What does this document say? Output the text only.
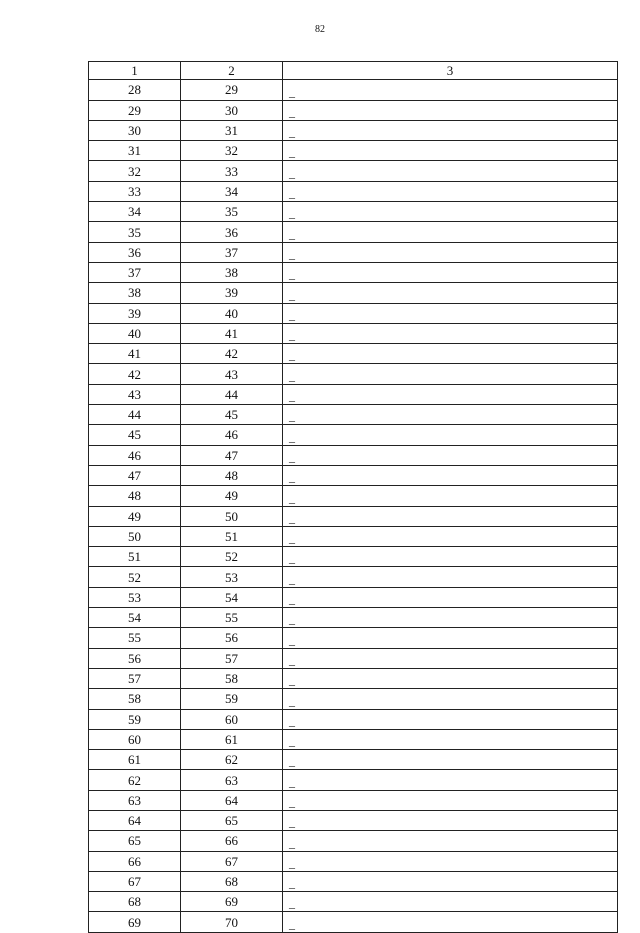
82
1	2	3
28	29	_
29	30	_
30	31	_
31	32	_
32	33	_
33	34	_
34	35	_
35	36	_
36	37	_
37	38	_
38	39	_
39	40	_
40	41	_
41	42	_
42	43	_
43	44	_
44	45	_
45	46	_
46	47	_
47	48	_
48	49	_
49	50	_
50	51	_
51	52	_
52	53	_
53	54	_
54	55	_
55	56	_
56	57	_
57	58	_
58	59	_
59	60	_
60	61	_
61	62	_
62	63	_
63	64	_
64	65	_
65	66	_
66	67	_
67	68	_
68	69	_
69	70	_
